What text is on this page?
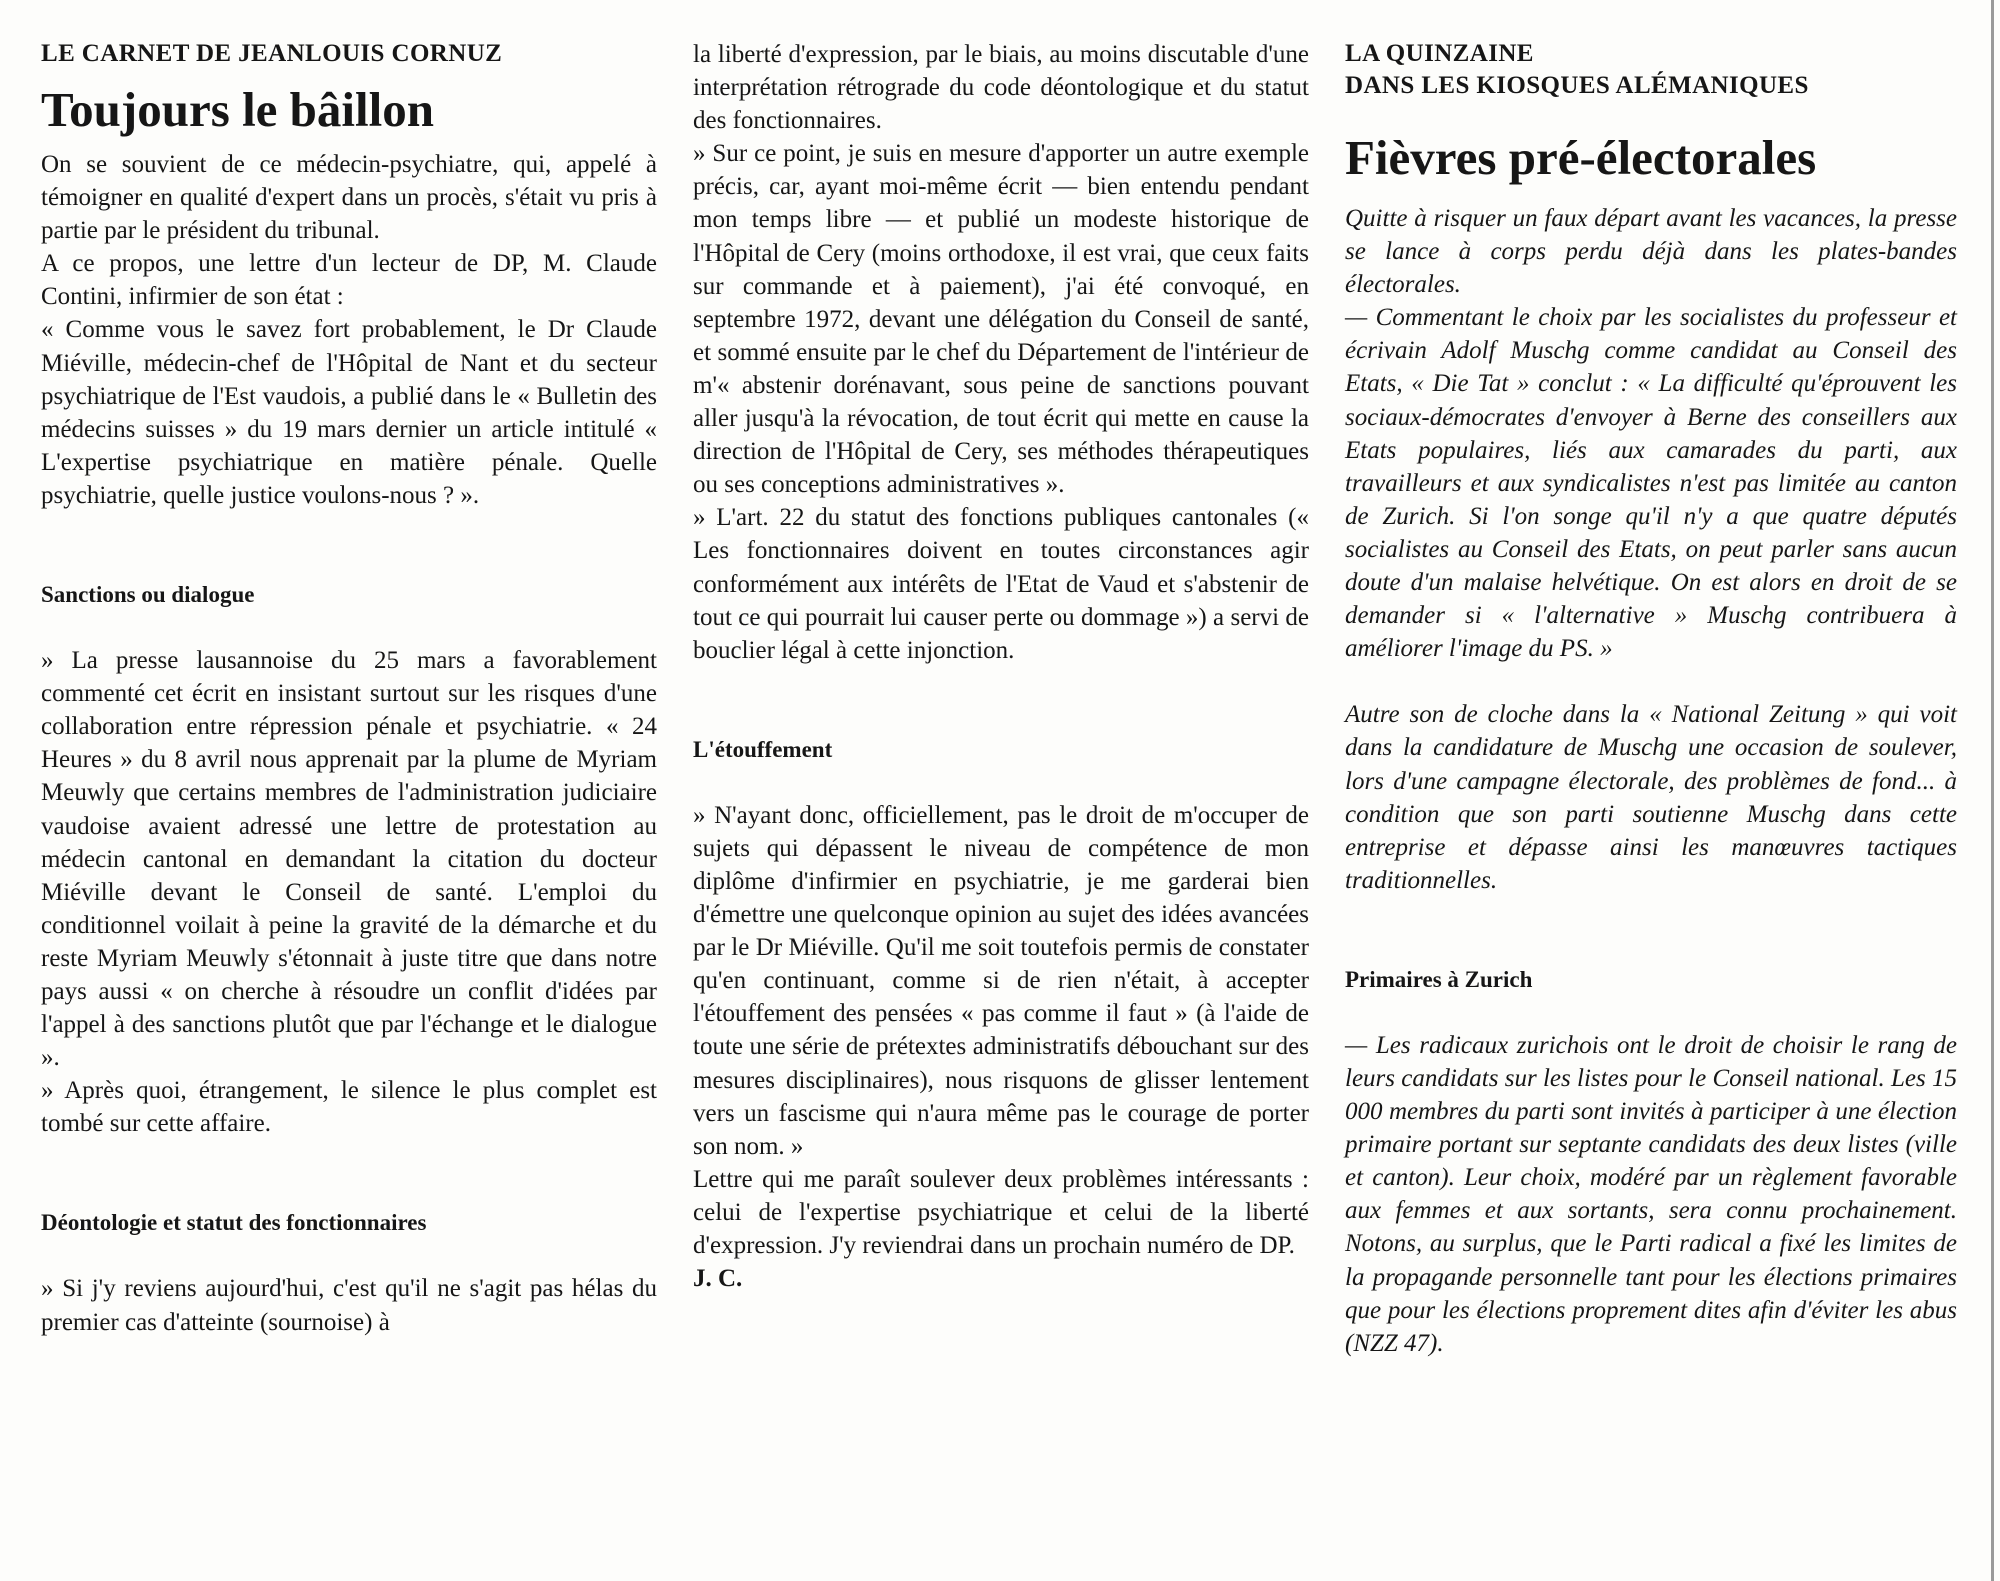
LE CARNET DE JEANLOUIS CORNUZ
Toujours le bâillon

On se souvient de ce médecin-psychiatre, qui, appelé à témoigner en qualité d'expert dans un procès, s'était vu pris à partie par le président du tribunal.

A ce propos, une lettre d'un lecteur de DP, M. Claude Contini, infirmier de son état :

« Comme vous le savez fort probablement, le Dr Claude Miéville, médecin-chef de l'Hôpital de Nant et du secteur psychiatrique de l'Est vaudois, a publié dans le « Bulletin des médecins suisses » du 19 mars dernier un article intitulé « L'expertise psychiatrique en matière pénale. Quelle psychiatrie, quelle justice voulons-nous ? ».

Sanctions ou dialogue

» La presse lausannoise du 25 mars a favorablement commenté cet écrit en insistant surtout sur les risques d'une collaboration entre répression pénale et psychiatrie. « 24 Heures » du 8 avril nous apprenait par la plume de Myriam Meuwly que certains membres de l'administration judiciaire vaudoise avaient adressé une lettre de protestation au médecin cantonal en demandant la citation du docteur Miéville devant le Conseil de santé. L'emploi du conditionnel voilait à peine la gravité de la démarche et du reste Myriam Meuwly s'étonnait à juste titre que dans notre pays aussi « on cherche à résoudre un conflit d'idées par l'appel à des sanctions plutôt que par l'échange et le dialogue ».

» Après quoi, étrangement, le silence le plus complet est tombé sur cette affaire.

Déontologie et statut des fonctionnaires

» Si j'y reviens aujourd'hui, c'est qu'il ne s'agit pas hélas du premier cas d'atteinte (sournoise) à

la liberté d'expression, par le biais, au moins discutable d'une interprétation rétrograde du code déontologique et du statut des fonctionnaires.

» Sur ce point, je suis en mesure d'apporter un autre exemple précis, car, ayant moi-même écrit — bien entendu pendant mon temps libre — et publié un modeste historique de l'Hôpital de Cery (moins orthodoxe, il est vrai, que ceux faits sur commande et à paiement), j'ai été convoqué, en septembre 1972, devant une délégation du Conseil de santé, et sommé ensuite par le chef du Département de l'intérieur de m'« abstenir dorénavant, sous peine de sanctions pouvant aller jusqu'à la révocation, de tout écrit qui mette en cause la direction de l'Hôpital de Cery, ses méthodes thérapeutiques ou ses conceptions administratives ».

» L'art. 22 du statut des fonctions publiques cantonales (« Les fonctionnaires doivent en toutes circonstances agir conformément aux intérêts de l'Etat de Vaud et s'abstenir de tout ce qui pourrait lui causer perte ou dommage ») a servi de bouclier légal à cette injonction.

L'étouffement

» N'ayant donc, officiellement, pas le droit de m'occuper de sujets qui dépassent le niveau de compétence de mon diplôme d'infirmier en psychiatrie, je me garderai bien d'émettre une quelconque opinion au sujet des idées avancées par le Dr Miéville. Qu'il me soit toutefois permis de constater qu'en continuant, comme si de rien n'était, à accepter l'étouffement des pensées « pas comme il faut » (à l'aide de toute une série de prétextes administratifs débouchant sur des mesures disciplinaires), nous risquons de glisser lentement vers un fascisme qui n'aura même pas le courage de porter son nom. »

Lettre qui me paraît soulever deux problèmes intéressants : celui de l'expertise psychiatrique et celui de la liberté d'expression. J'y reviendrai dans un prochain numéro de DP.

J. C.

LA QUINZAINE
DANS LES KIOSQUES ALÉMANIQUES
Fièvres pré-électorales

Quitte à risquer un faux départ avant les vacances, la presse se lance à corps perdu déjà dans les plates-bandes électorales.

— Commentant le choix par les socialistes du professeur et écrivain Adolf Muschg comme candidat au Conseil des Etats, « Die Tat » conclut : « La difficulté qu'éprouvent les sociaux-démocrates d'envoyer à Berne des conseillers aux Etats populaires, liés aux camarades du parti, aux travailleurs et aux syndicalistes n'est pas limitée au canton de Zurich. Si l'on songe qu'il n'y a que quatre députés socialistes au Conseil des Etats, on peut parler sans aucun doute d'un malaise helvétique. On est alors en droit de se demander si « l'alternative » Muschg contribuera à améliorer l'image du PS. »

Autre son de cloche dans la « National Zeitung » qui voit dans la candidature de Muschg une occasion de soulever, lors d'une campagne électorale, des problèmes de fond... à condition que son parti soutienne Muschg dans cette entreprise et dépasse ainsi les manœuvres tactiques traditionnelles.

Primaires à Zurich

— Les radicaux zurichois ont le droit de choisir le rang de leurs candidats sur les listes pour le Conseil national. Les 15 000 membres du parti sont invités à participer à une élection primaire portant sur septante candidats des deux listes (ville et canton). Leur choix, modéré par un règlement favorable aux femmes et aux sortants, sera connu prochainement. Notons, au surplus, que le Parti radical a fixé les limites de la propagande personnelle tant pour les élections primaires que pour les élections proprement dites afin d'éviter les abus (NZZ 47).
